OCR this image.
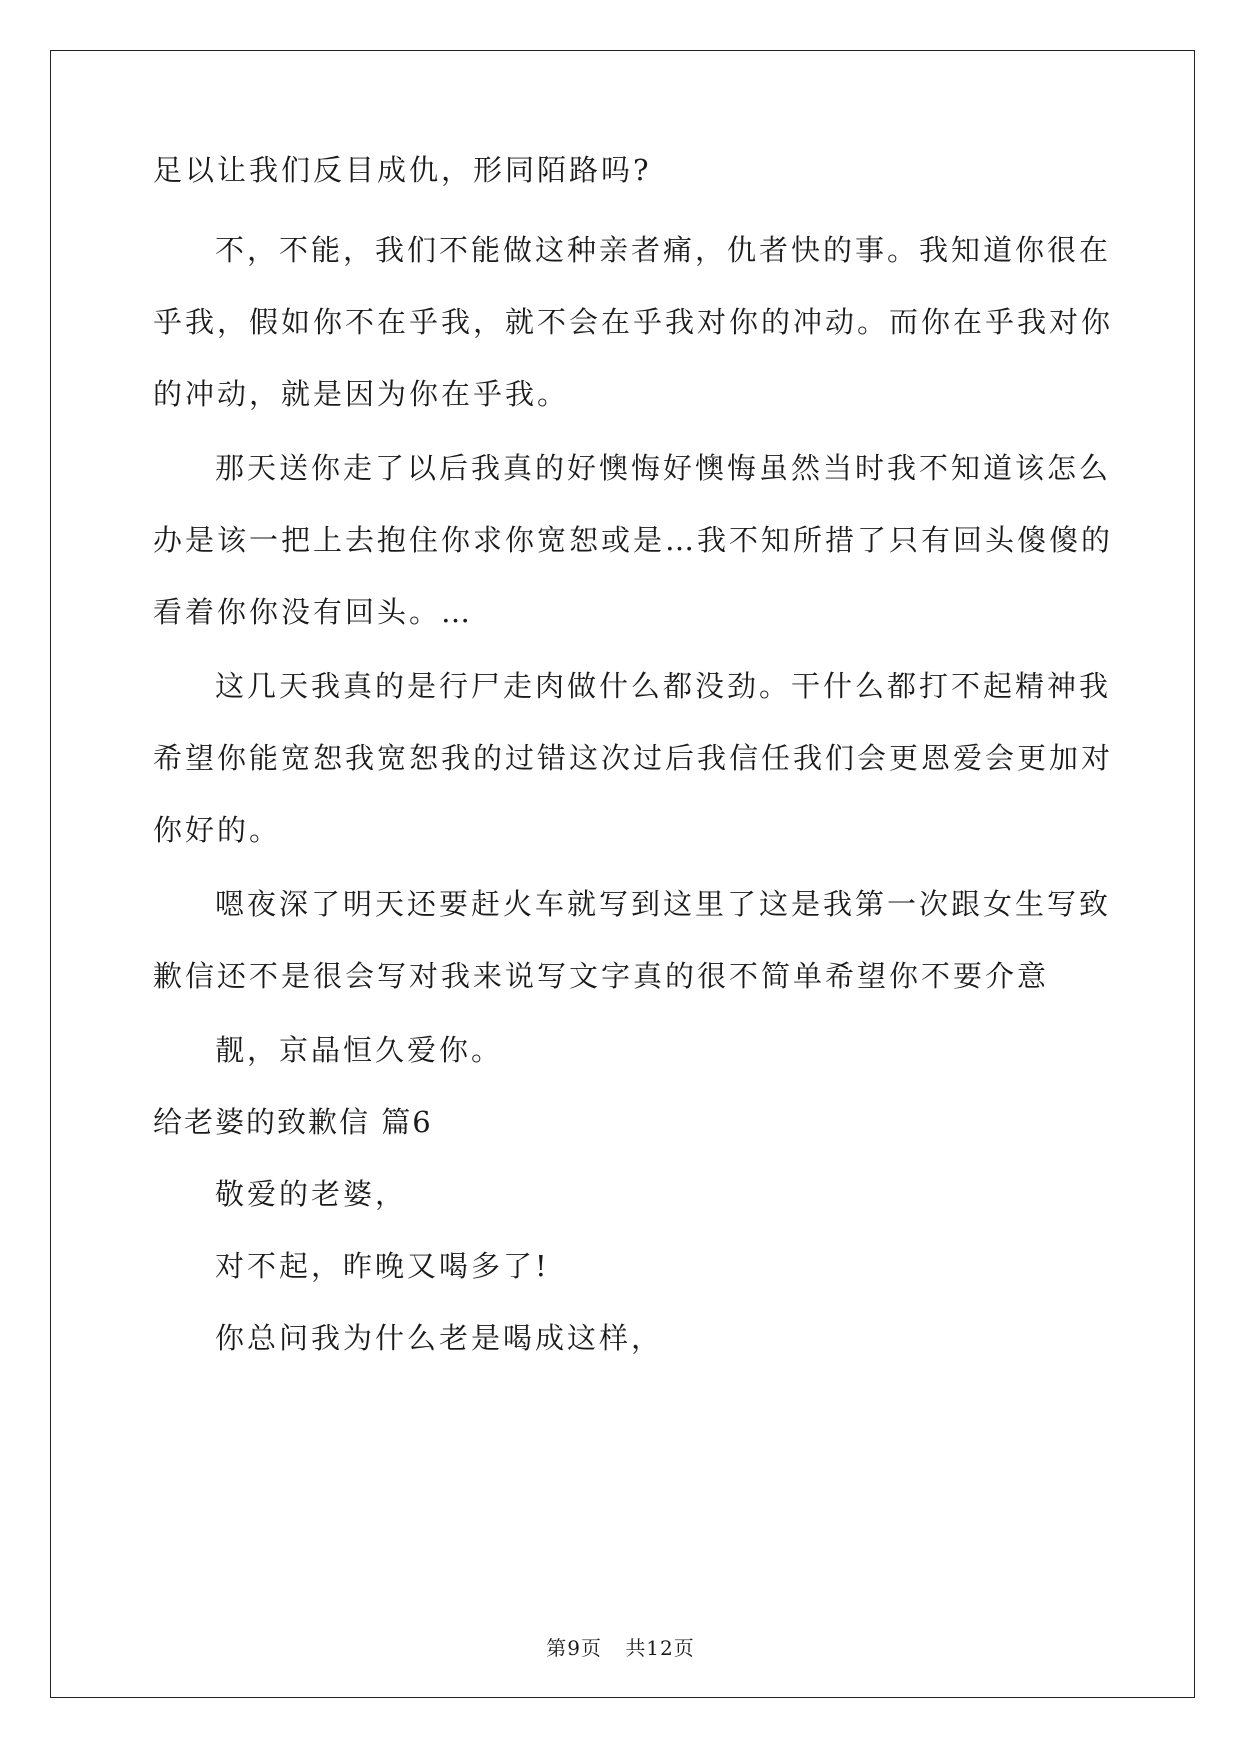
足以让我们反目成仇，形同陌路吗?
不，不能，我们不能做这种亲者痛，仇者快的事。我知道你很在
乎我，假如你不在乎我，就不会在乎我对你的冲动。而你在乎我对你
的冲动，就是因为你在乎我。
那天送你走了以后我真的好懊悔好懊悔虽然当时我不知道该怎么
办是该一把上去抱住你求你宽恕或是…我不知所措了只有回头傻傻的
看着你你没有回头。…
这几天我真的是行尸走肉做什么都没劲。干什么都打不起精神我
希望你能宽恕我宽恕我的过错这次过后我信任我们会更恩爱会更加对
你好的。
嗯夜深了明天还要赶火车就写到这里了这是我第一次跟女生写致
歉信还不是很会写对我来说写文字真的很不简单希望你不要介意
靓，京晶恒久爱你。
给老婆的致歉信 篇6
敬爱的老婆，
对不起，昨晚又喝多了!
你总问我为什么老是喝成这样，
第9页 共12页
